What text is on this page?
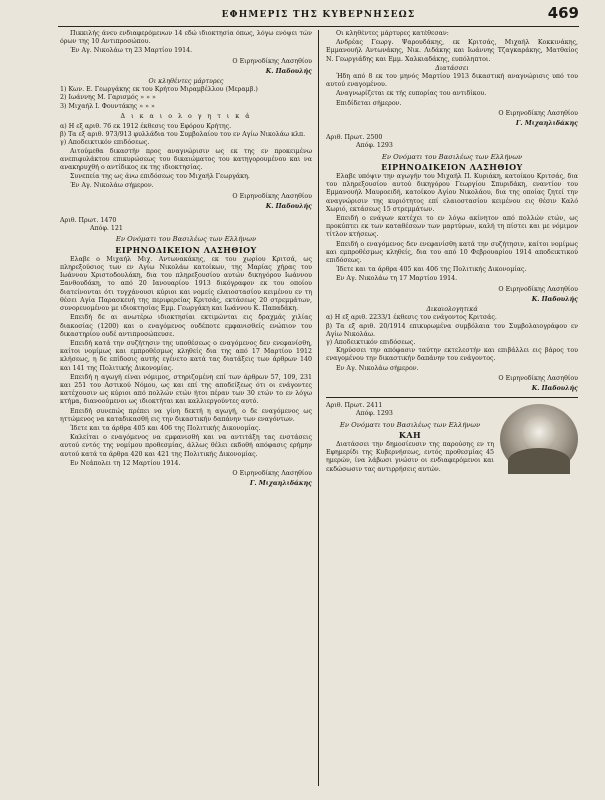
ΕΦΗΜΕΡΙΣ ΤΗΣ ΚΥΒΕΡΝΗΣΕΩΣ	469

Πικκιλής άνευ ενδιαφερόμενων 14 εδώ ιδιοκτησία όπως, λόγω ενόψει τών όρων της 10 Αντιπροσώπου.

Έν Αγ. Νικολάω τη 23 Μαρτίου 1914.

Ο Ειρηνοδίκης Λασηθίου
Κ. Παδουλής
Οι κληθέντες μάρτυρες
1) Κων. Ε. Γεωργάκης εκ του Κρήτου Μιραμβέλλου (Μεραμβ.)
2) Ιωάννης Μ. Γαρισμός » » »
3) Μιχαήλ Ι. Φουντάκης » » »
Δ ι κ α ι ο λ ο γ η τ ι κ ά
α) Η εξ αριθ. 76 εκ 1912 έκθεσις του Εφόρου Κρήτης.
β) Τα εξ αριθ. 973/913 φυλλάδια του Συμβολαίου του εν Αγίω Νικολάω κλπ.
γ) Αποδεικτικόν επιδόσεως.

Αιτούμεθα δικαστήν προς αναγνώρισιν ως εκ της εν προκειμένω ανεπιφυλάκτου επικυρώσεως του δικαιώματος του κατηγορουμένου και να ανακηρυχθή ο αντίδικος εκ της ιδιοκτησίας.

Συνεπεία της ως άνω επιδόσεως του Μιχαήλ Γεωργάκη.

Έν Αγ. Νικολάω σήμερον.

Ο Ειρηνοδίκης Λασηθίου
Κ. Παδουλής
Αριθ. Πρωτ. 1470
Απόφ. 121
Εν Ονόματι του Βασιλέως των Ελλήνων
ΕΙΡΗΝΟΔΙΚΕΙΟΝ ΛΑΣΗΘΙΟΥ

Ελαβε ο Μιχαήλ Μιχ. Αντωνακάκης, εκ του χωρίου Κριτσά, ως πληρεξούσιος των εν Αγίω Νικολάω κατοίκων, της Μαρίας χήρας του Ιωάννου Χριστοδουλάκη, δια του πληρεξουσίου αυτών δικηγόρου Ιωάννου Ξανθουδάκη, το από 20 Ιανουαρίου 1913 δικόγραφον εκ του οποίου διατείνονται ότι τυγχάνουσι κύριοι και νομείς ελαιοστασίου κειμένου εν τη θέσει Αγία Παρασκευή της περιφερείας Κριτσάς, εκτάσεως 20 στρεμμάτων, συνορευομένου με ιδιοκτησίας Εμμ. Γεωργάκη και Ιωάννου Κ. Παπαδάκη.

Επειδή δε αι ανωτέρω ιδιοκτησίαι εκτιμώνται εις δραχμάς χιλίας διακοσίας (1200) και ο εναγόμενος ουδέποτε εμφανισθείς ενώπιον του δικαστηρίου ουδέ αντιπροσώπευσε.

Επειδή κατά την συζήτησιν της υποθέσεως ο εναγόμενος δεν ενεφανίσθη, καίτοι νομίμως και εμπροθέσμως κληθείς δια της από 17 Μαρτίου 1912 κλήσεως, η δε επίδοσις αυτής εγένετο κατά τας διατάξεις των άρθρων 140 και 141 της Πολιτικής Δικονομίας.

Επειδή η αγωγή είναι νόμιμος, στηριζομένη επί των άρθρων 57, 109, 231 και 251 του Αστικού Νόμου, ως και επί της αποδείξεως ότι οι ενάγοντες κατέχουσιν ως κύριοι από πολλών ετών ήτοι πέραν των 30 ετών το εν λόγω κτήμα, διανοούμενοι ως ιδιοκτήται και καλλιεργούντες αυτό.

Επειδή συνεπώς πρέπει να γίνη δεκτή η αγωγή, ο δε εναγόμενος ως ηττώμενος να καταδικασθή εις την δικαστικήν δαπάνην των εναγόντων.

Ίδετε και τα άρθρα 405 και 406 της Πολιτικής Δικονομίας.

Καλείται ο εναγόμενος να εμφανισθή και να αντιτάξη τας ενστάσεις αυτού εντός της νομίμου προθεσμίας, άλλως θέλει εκδοθή απόφασις ερήμην αυτού κατά τα άρθρα 420 και 421 της Πολιτικής Δικονομίας.

Εν Νεάπολει τη 12 Μαρτίου 1914.

Ο Ειρηνοδίκης Λασηθίου
Γ. Μιχαηλιδάκης

Οι κληθέντες μάρτυρες κατέθεσαν:

Ανδρέας Γεωργ. Ψαρουδάκης, εκ Κριτσάς, Μιχαήλ Κοκκινάκης, Εμμανουήλ Αντωνάκης, Νικ. Λιδάκης και Ιωάννης Τζαγκαράκης, Ματθαίος Ν. Γεωργιάδης και Εμμ. Χαλκιαδάκης, ευπόληπτοι.

Διατάσσει

Ήδη από 8 εκ του μηνός Μαρτίου 1913 δικαστική αναγνώρισις υπό του αυτού εναγομένου.

Αναγνωρίζεται εκ τής ευπορίας του αντιδίκου.

Επιδίδεται σήμερον.

Ο Ειρηνοδίκης Λασηθίου
Γ. Μιχαηλιδάκης
Αριθ. Πρωτ. 2500
Απόφ. 1293
Εν Ονόματι του Βασιλέως των Ελλήνων
ΕΙΡΗΝΟΔΙΚΕΙΟΝ ΛΑΣΗΘΙΟΥ

Ελαβε υπόψιν την αγωγήν του Μιχαήλ Π. Κυριάκη, κατοίκου Κριτσάς, δια του πληρεξουσίου αυτού δικηγόρου Γεωργίου Σπυριδάκη, εναντίον του Εμμανουήλ Μαυροειδή, κατοίκου Αγίου Νικολάου, δια της οποίας ζητεί την αναγνώρισιν της κυριότητος επί ελαιοστασίου κειμένου εις θέσιν Καλό Χωριό, εκτάσεως 15 στρεμμάτων.

Επειδή ο ενάγων κατέχει το εν λόγω ακίνητον από πολλών ετών, ως προκύπτει εκ των καταθέσεων των μαρτύρων, καλή τη πίστει και με νόμιμον τίτλον κτήσεως.

Επειδή ο εναγόμενος δεν ενεφανίσθη κατά την συζήτησιν, καίτοι νομίμως και εμπροθέσμως κληθείς, δια του από 10 Φεβρουαρίου 1914 αποδεικτικού επιδόσεως.

Ίδετε και τα άρθρα 405 και 406 της Πολιτικής Δικονομίας.

Εν Αγ. Νικολάω τη 17 Μαρτίου 1914.

Ο Ειρηνοδίκης Λασηθίου
Κ. Παδουλής
Δικαιολογητικά
α) Η εξ αριθ. 2233/1 έκθεσις του ενάγοντος Κριτσάς.
β) Τα εξ αριθ. 20/1914 επικυρωμένα συμβόλαια του Συμβολαιογράφου εν Αγίω Νικολάω.
γ) Αποδεικτικόν επιδόσεως.

Κηρύσσει την απόφασιν ταύτην εκτελεστήν και επιβάλλει εις βάρος του εναγομένου την δικαστικήν δαπάνην του ενάγοντος.

Εν Αγ. Νικολάω σήμερον.

Ο Ειρηνοδίκης Λασηθίου
Κ. Παδουλής
Αριθ. Πρωτ. 2411
Απόφ. 1293
Εν Ονόματι του Βασιλέως των Ελλήνων
ΚΑΗ

Διατάσσει την δημοσίευσιν της παρούσης εν τη Εφημερίδι της Κυβερνήσεως, εντός προθεσμίας 45 ημερών, ίνα λάβωσι γνώσιν οι ενδιαφερόμενοι και εκδώσωσιν τας αντιρρήσεις αυτών.
